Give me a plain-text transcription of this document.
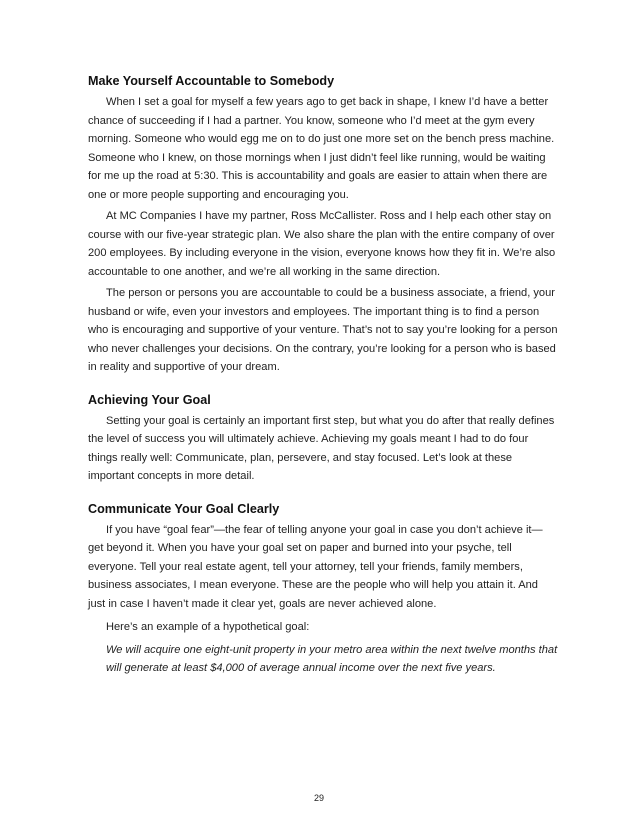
Make Yourself Accountable to Somebody

When I set a goal for myself a few years ago to get back in shape, I knew I’d have a better chance of succeeding if I had a partner. You know, someone who I’d meet at the gym every morning. Someone who would egg me on to do just one more set on the bench press machine. Someone who I knew, on those mornings when I just didn’t feel like running, would be waiting for me up the road at 5:30. This is accountability and goals are easier to attain when there are one or more people supporting and encouraging you.

At MC Companies I have my partner, Ross McCallister. Ross and I help each other stay on course with our five-year strategic plan. We also share the plan with the entire company of over 200 employees. By including everyone in the vision, everyone knows how they fit in. We’re also accountable to one another, and we’re all working in the same direction.

The person or persons you are accountable to could be a business associate, a friend, your husband or wife, even your investors and employees. The important thing is to find a person who is encouraging and supportive of your venture. That’s not to say you’re looking for a person who never challenges your decisions. On the contrary, you’re looking for a person who is based in reality and supportive of your dream.

Achieving Your Goal

Setting your goal is certainly an important first step, but what you do after that really defines the level of success you will ultimately achieve. Achieving my goals meant I had to do four things really well: Communicate, plan, persevere, and stay focused. Let’s look at these important concepts in more detail.

Communicate Your Goal Clearly

If you have “goal fear”—the fear of telling anyone your goal in case you don’t achieve it—get beyond it. When you have your goal set on paper and burned into your psyche, tell everyone. Tell your real estate agent, tell your attorney, tell your friends, family members, business associates, I mean everyone. These are the people who will help you attain it. And just in case I haven’t made it clear yet, goals are never achieved alone.

Here’s an example of a hypothetical goal:

We will acquire one eight-unit property in your metro area within the next twelve months that will generate at least $4,000 of average annual income over the next five years.

29
